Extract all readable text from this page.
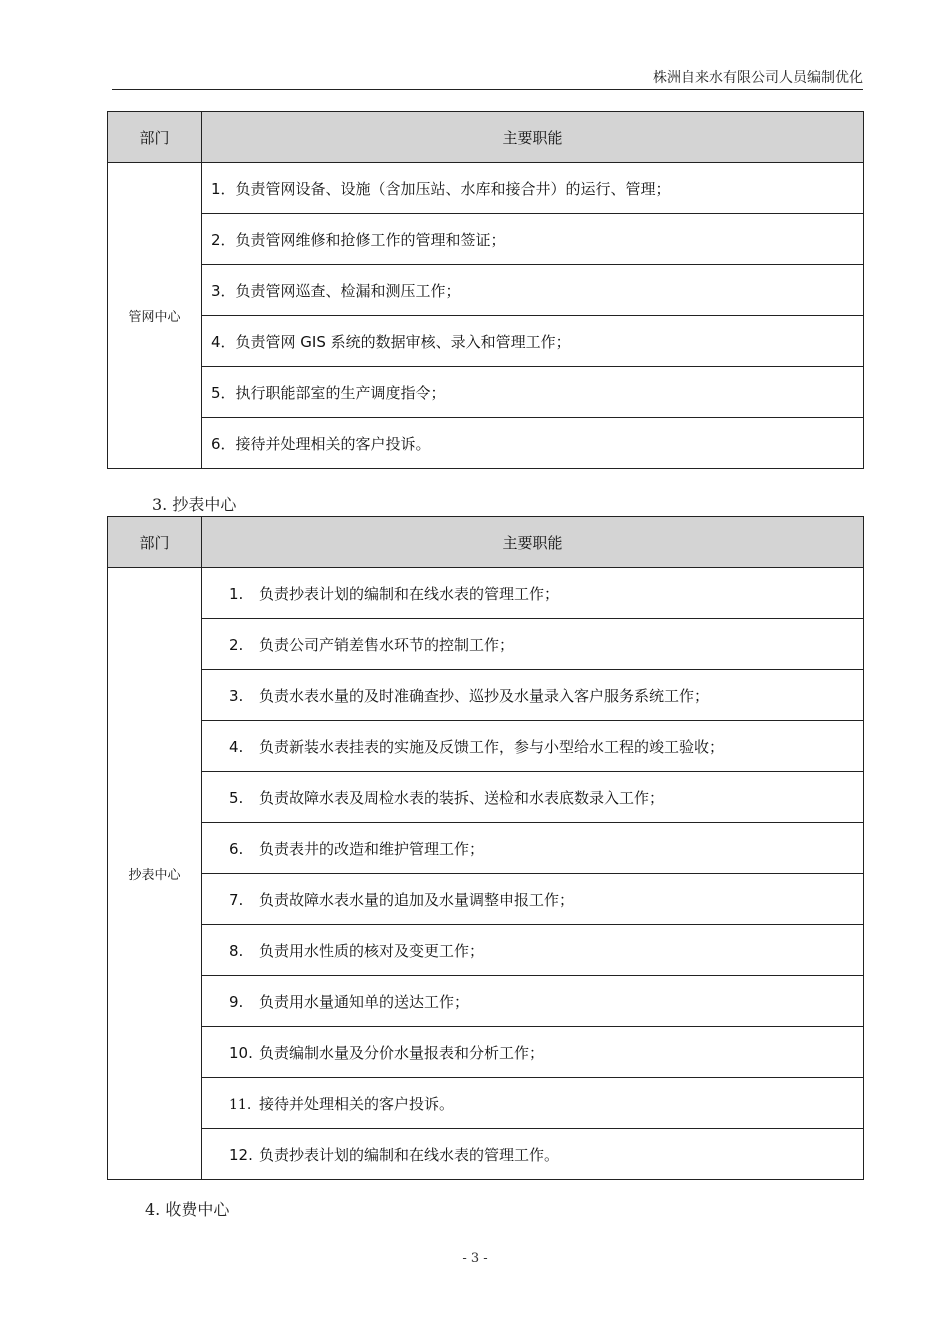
株洲自来水有限公司人员编制优化
部门	主要职能
管网中心	1．负责管网设备、设施（含加压站、水库和接合井）的运行、管理；
	2．负责管网维修和抢修工作的管理和签证；
	3．负责管网巡查、检漏和测压工作；
	4．负责管网 GIS 系统的数据审核、录入和管理工作；
	5．执行职能部室的生产调度指令；
	6．接待并处理相关的客户投诉。
3. 抄表中心
部门	主要职能
抄表中心	1. 负责抄表计划的编制和在线水表的管理工作；
	2. 负责公司产销差售水环节的控制工作；
	3. 负责水表水量的及时准确查抄、巡抄及水量录入客户服务系统工作；
	4. 负责新装水表挂表的实施及反馈工作，参与小型给水工程的竣工验收；
	5. 负责故障水表及周检水表的装拆、送检和水表底数录入工作；
	6. 负责表井的改造和维护管理工作；
	7. 负责故障水表水量的追加及水量调整申报工作；
	8. 负责用水性质的核对及变更工作；
	9. 负责用水量通知单的送达工作；
	10. 负责编制水量及分价水量报表和分析工作；
	11. 接待并处理相关的客户投诉。
	12. 负责抄表计划的编制和在线水表的管理工作。
4. 收费中心
- 3 -
